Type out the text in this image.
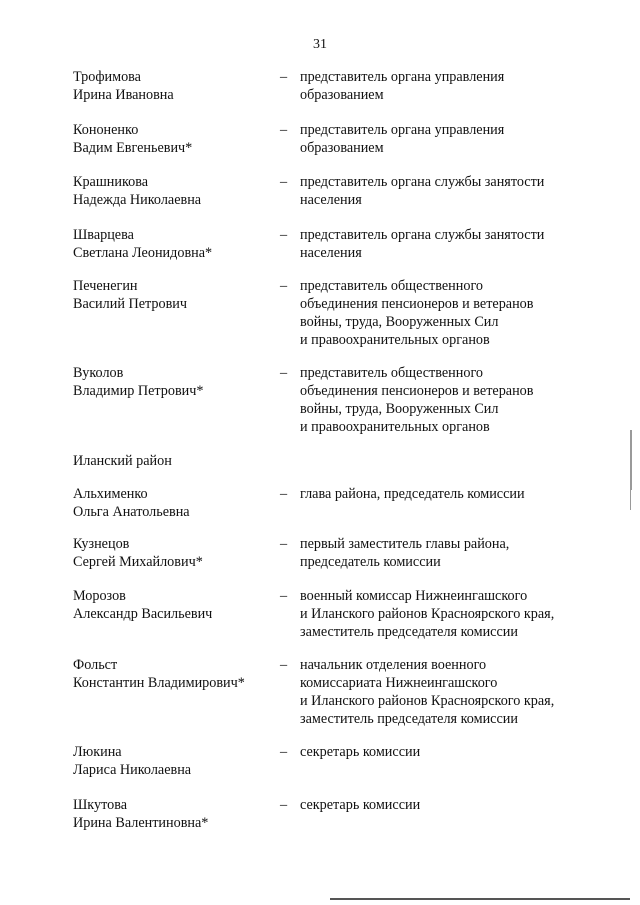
31
Трофимова
Ирина Ивановна
– представитель органа управления
образованием
Кононенко
Вадим Евгеньевич*
– представитель органа управления
образованием
Крашникова
Надежда Николаевна
– представитель органа службы занятости
населения
Шварцева
Светлана Леонидовна*
– представитель органа службы занятости
населения
Печенегин
Василий Петрович
– представитель общественного
объединения пенсионеров и ветеранов
войны, труда, Вооруженных Сил
и правоохранительных органов
Вуколов
Владимир Петрович*
– представитель общественного
объединения пенсионеров и ветеранов
войны, труда, Вооруженных Сил
и правоохранительных органов
Иланский район
Альхименко
Ольга Анатольевна
– глава района, председатель комиссии
Кузнецов
Сергей Михайлович*
– первый заместитель главы района,
председатель комиссии
Морозов
Александр Васильевич
– военный комиссар Нижнеингашского
и Иланского районов Красноярского края,
заместитель председателя комиссии
Фольст
Константин Владимирович*
– начальник отделения военного
комиссариата Нижнеингашского
и Иланского районов Красноярского края,
заместитель председателя комиссии
Люкина
Лариса Николаевна
– секретарь комиссии
Шкутова
Ирина Валентиновна*
– секретарь комиссии
